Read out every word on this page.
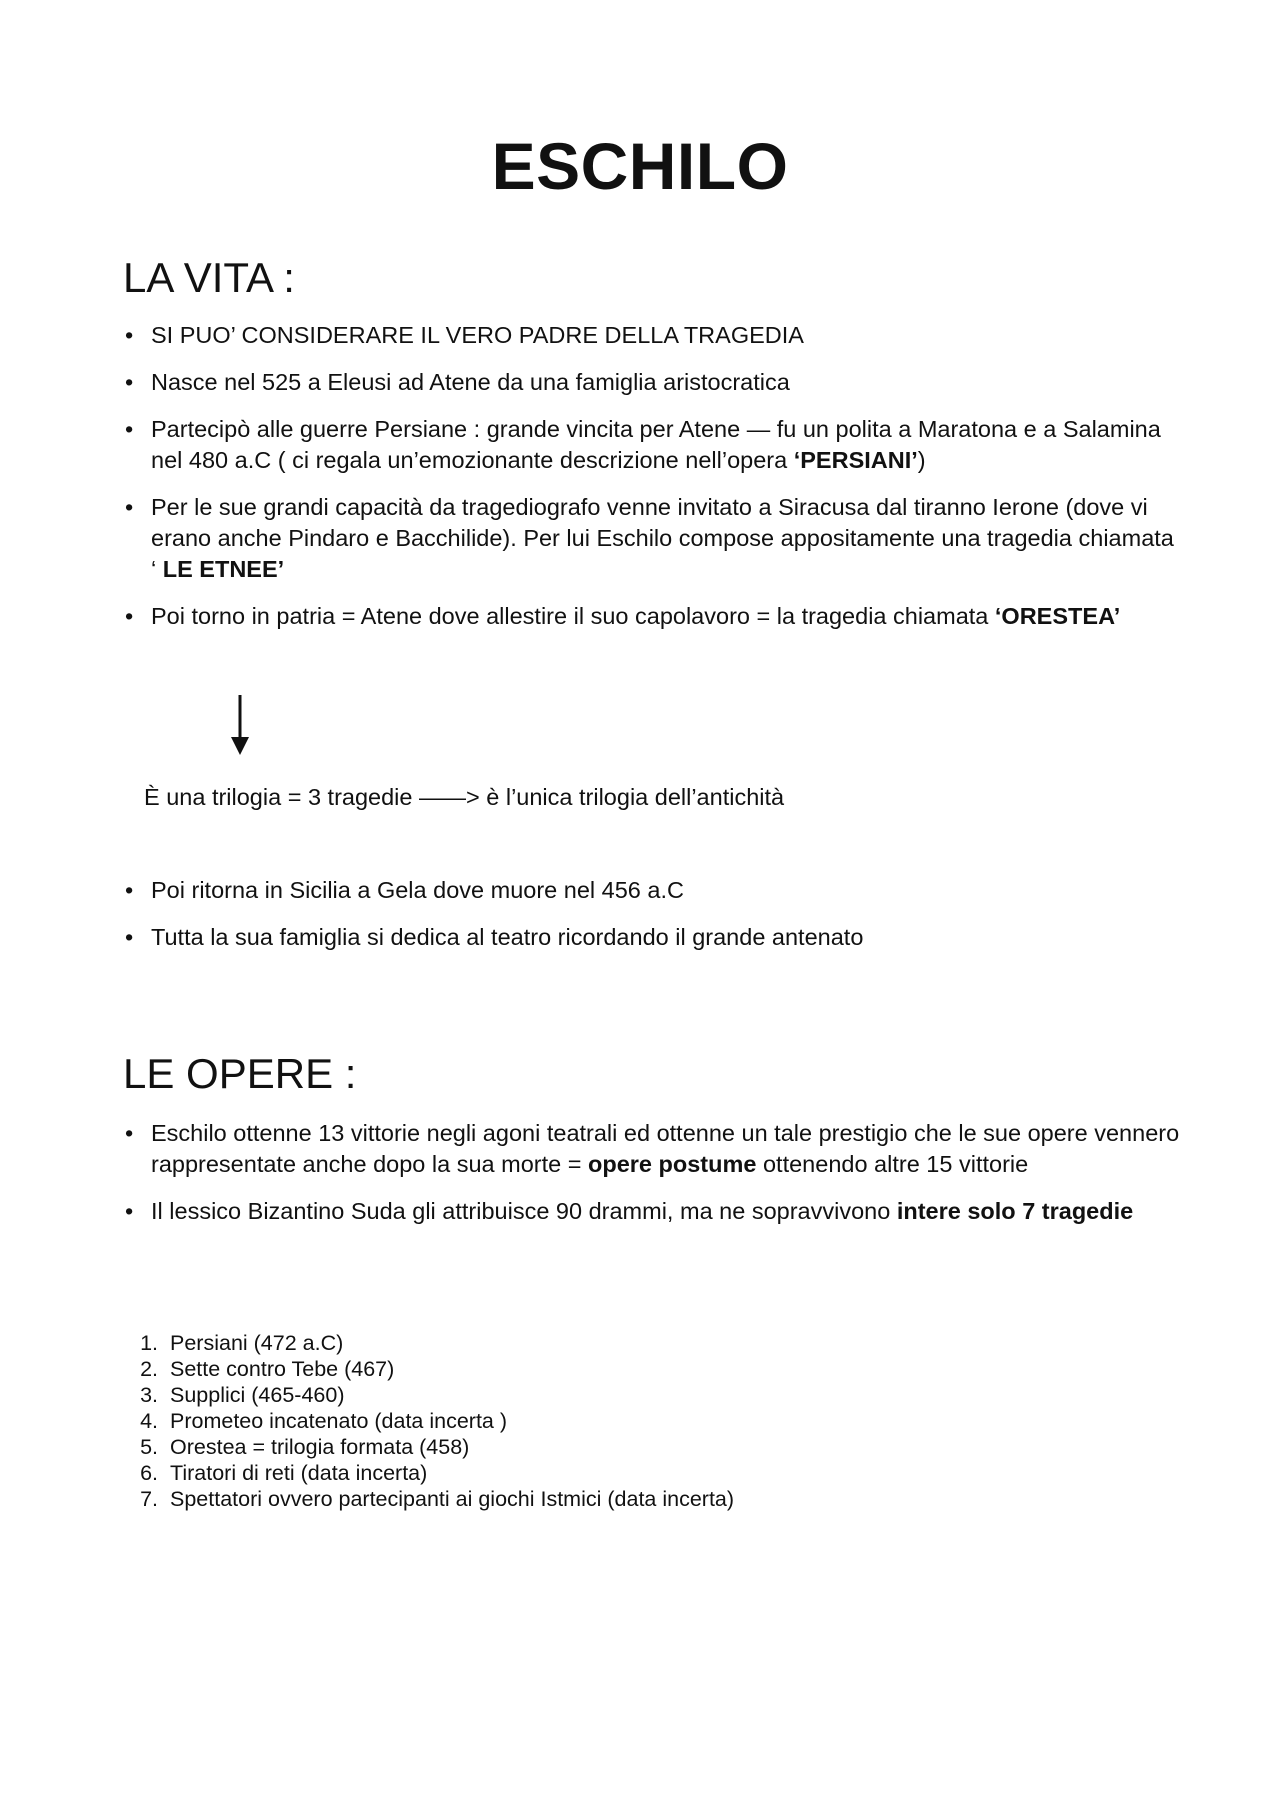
ESCHILO
LA VITA :
• SI PUO’ CONSIDERARE IL VERO PADRE DELLA TRAGEDIA
• Nasce nel 525 a Eleusi ad Atene da una famiglia aristocratica
• Partecipò alle guerre Persiane : grande vincita per Atene — fu un polita a Maratona e a Salamina nel 480 a.C ( ci regala un’emozionante descrizione nell’opera ‘PERSIANI’)
• Per le sue grandi capacità da tragediografo venne invitato a Siracusa dal tiranno Ierone (dove vi erano anche Pindaro e Bacchilide). Per lui Eschilo compose appositamente una tragedia chiamata ‘ LE ETNEE’
• Poi torno in patria = Atene dove allestire il suo capolavoro = la tragedia chiamata ‘ORESTEA’
È una trilogia = 3 tragedie ——> è l’unica trilogia dell’antichità
• Poi ritorna in Sicilia a Gela dove muore nel 456 a.C
• Tutta la sua famiglia si dedica al teatro ricordando il grande antenato
LE OPERE :
• Eschilo ottenne 13 vittorie negli agoni teatrali ed ottenne un tale prestigio che le sue opere vennero rappresentate anche dopo la sua morte = opere postume ottenendo altre 15 vittorie
• Il lessico Bizantino Suda gli attribuisce 90 drammi, ma ne sopravvivono intere solo 7 tragedie
1. Persiani (472 a.C)
2. Sette contro Tebe (467)
3. Supplici (465-460)
4. Prometeo incatenato (data incerta )
5. Orestea = trilogia formata (458)
6. Tiratori di reti (data incerta)
7. Spettatori ovvero partecipanti ai giochi Istmici (data incerta)
